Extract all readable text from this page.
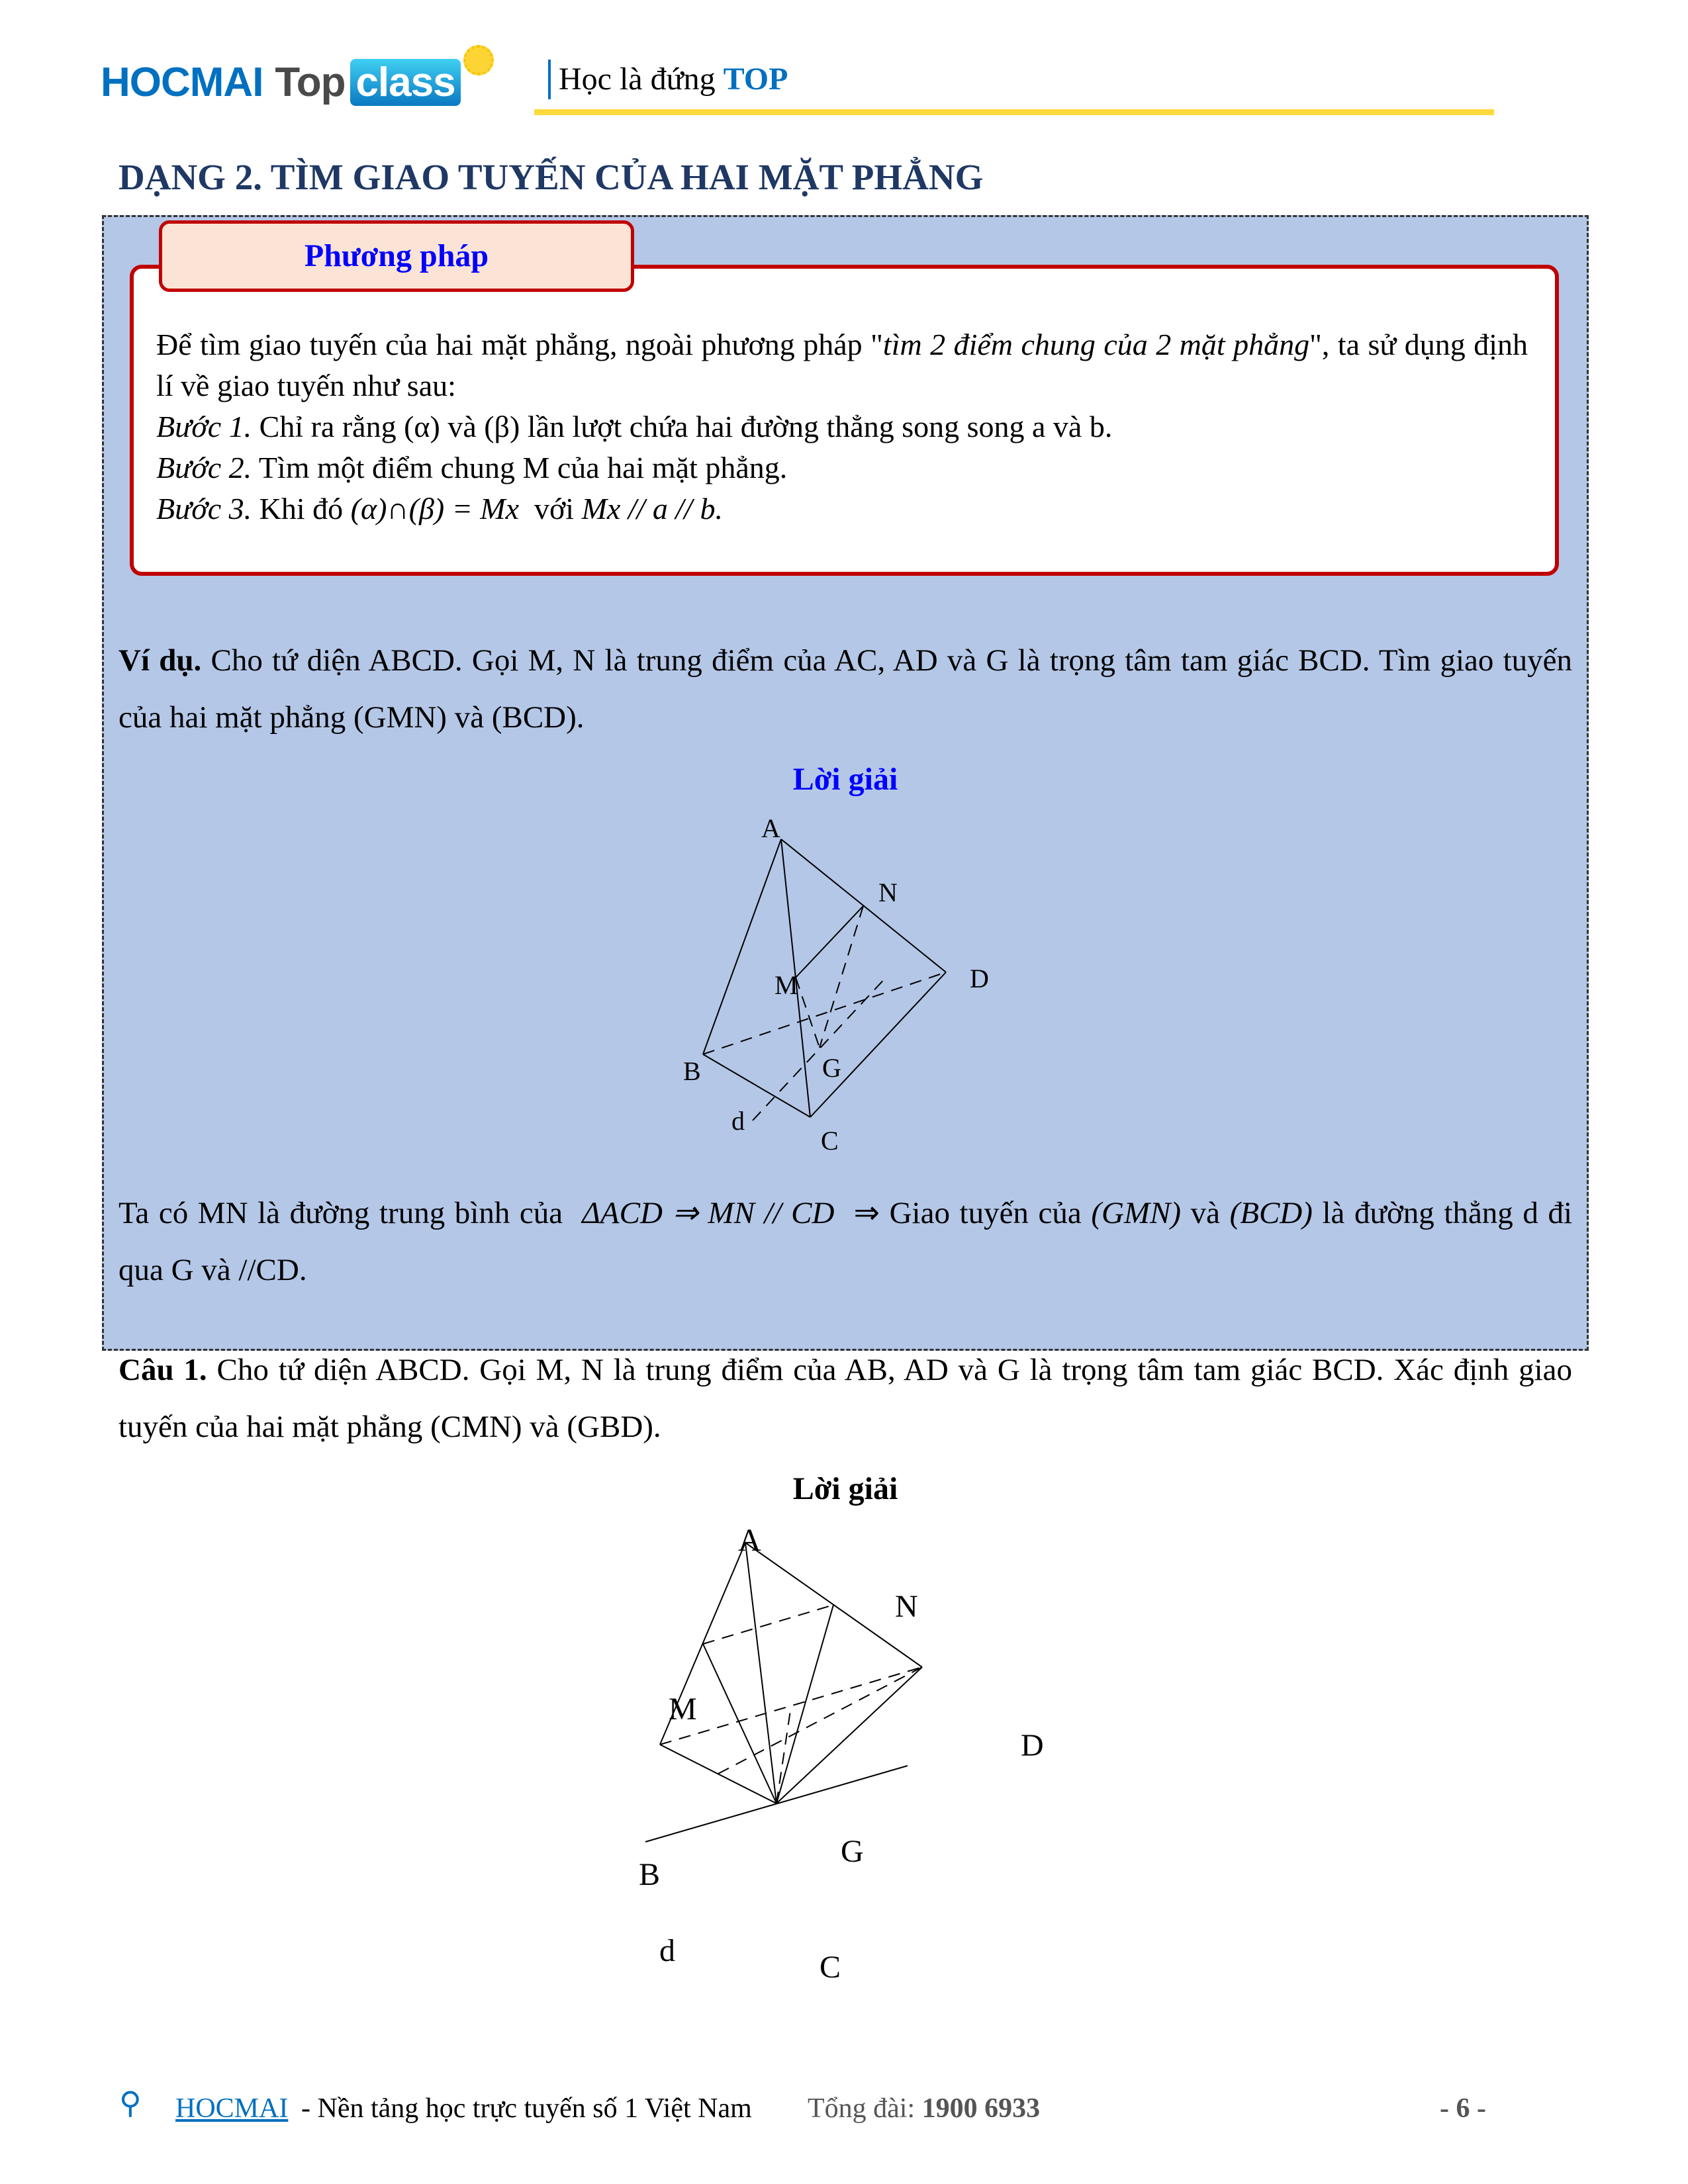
HOCMAI Top class	Học là đứng TOP
DẠNG 2. TÌM GIAO TUYẾN CỦA HAI MẶT PHẲNG
Phương pháp
Để tìm giao tuyến của hai mặt phẳng, ngoài phương pháp "tìm 2 điểm chung của 2 mặt phẳng", ta sử dụng định lí về giao tuyến như sau:
Bước 1. Chỉ ra rằng (α) và (β) lần lượt chứa hai đường thẳng song song a và b.
Bước 2. Tìm một điểm chung M của hai mặt phẳng.
Bước 3. Khi đó (α)∩(β) = Mx với Mx // a // b.
Ví dụ. Cho tứ diện ABCD. Gọi M, N là trung điểm của AC, AD và G là trọng tâm tam giác BCD. Tìm giao tuyến của hai mặt phẳng (GMN) và (BCD).
Lời giải
A
N
D
M
B	G
C
d
Ta có MN là đường trung bình của ΔACD ⇒ MN // CD ⇒ Giao tuyến của (GMN) và (BCD) là đường thẳng d đi qua G và //CD.
Câu 1. Cho tứ diện ABCD. Gọi M, N là trung điểm của AB, AD và G là trọng tâm tam giác BCD. Xác định giao tuyến của hai mặt phẳng (CMN) và (GBD).
Lời giải
A
N
D
M
B
G
C
d
⚲ HOCMAI - Nền tảng học trực tuyến số 1 Việt Nam Tổng đài: 1900 6933	- 6 -
